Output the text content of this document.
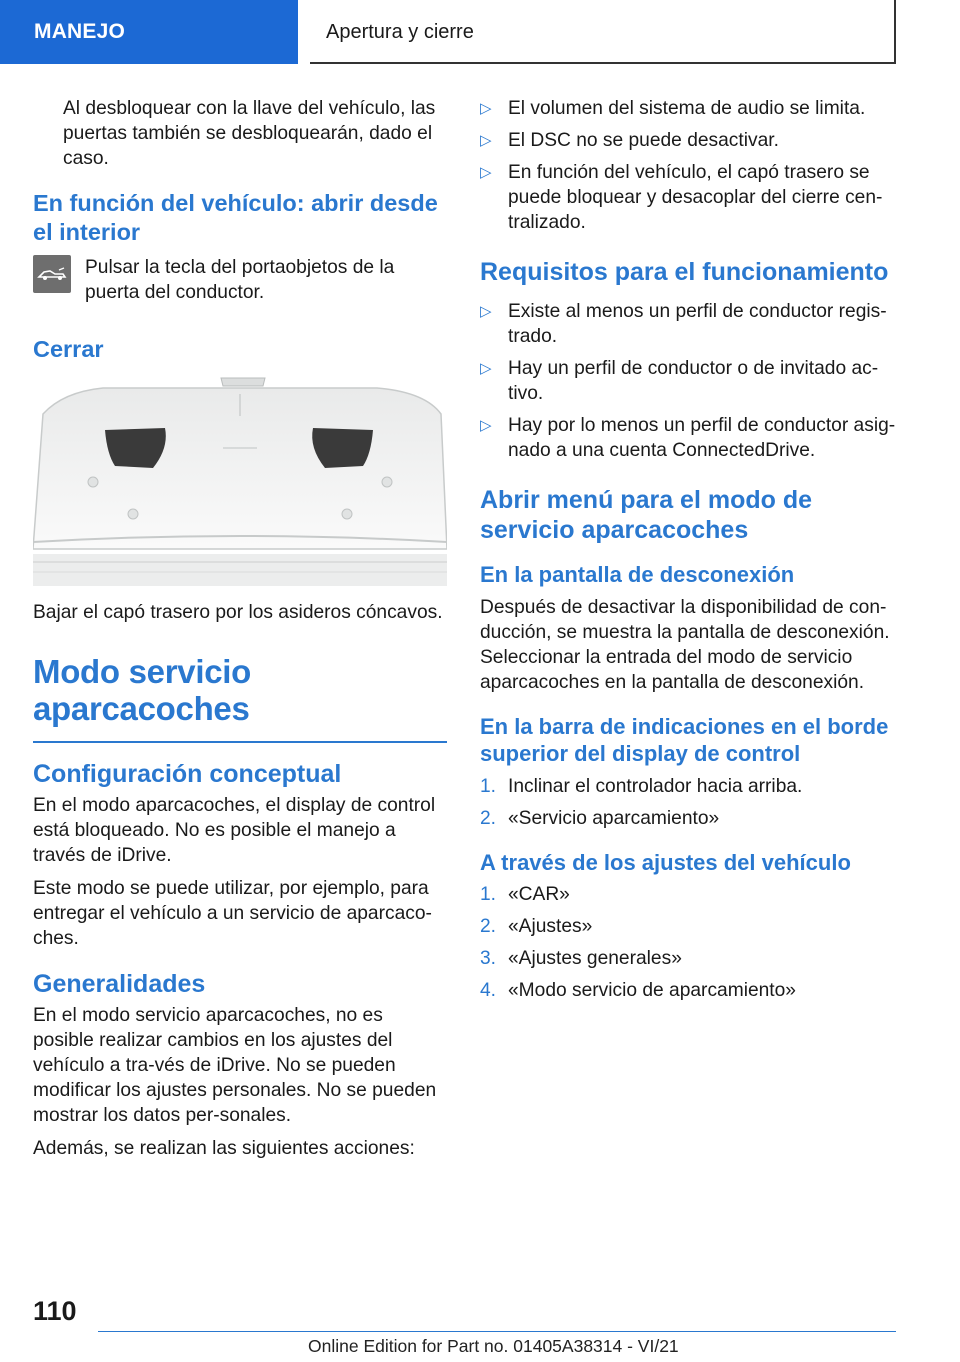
MANEJO	Apertura y cierre

Al desbloquear con la llave del vehículo, las puertas también se desbloquearán, dado el caso.

En función del vehículo: abrir desde el interior

Pulsar la tecla del portaobjetos de la puerta del conductor.

Cerrar

Bajar el capó trasero por los asideros cóncavos.

Modo servicio aparcacoches
Configuración conceptual

En el modo aparcacoches, el display de control está bloqueado. No es posible el manejo a través de iDrive.

Este modo se puede utilizar, por ejemplo, para entregar el vehículo a un servicio de aparcaco‐ches.

Generalidades

En el modo servicio aparcacoches, no es posible realizar cambios en los ajustes del vehículo a tra‐vés de iDrive. No se pueden modificar los ajustes personales. No se pueden mostrar los datos per‐sonales.

Además, se realizan las siguientes acciones:

▷ El volumen del sistema de audio se limita.

▷ El DSC no se puede desactivar.

▷ En función del vehículo, el capó trasero se puede bloquear y desacoplar del cierre cen‐tralizado.

Requisitos para el funcionamiento
▷ Existe al menos un perfil de conductor regis‐trado.

▷ Hay un perfil de conductor o de invitado ac‐tivo.

▷ Hay por lo menos un perfil de conductor asig‐nado a una cuenta ConnectedDrive.

Abrir menú para el modo de servicio aparcacoches
En la pantalla de desconexión

Después de desactivar la disponibilidad de con‐ducción, se muestra la pantalla de desconexión. Seleccionar la entrada del modo de servicio aparcacoches en la pantalla de desconexión.

En la barra de indicaciones en el borde superior del display de control
1. Inclinar el controlador hacia arriba.

2. «Servicio aparcamiento»

A través de los ajustes del vehículo
1. «CAR»

2. «Ajustes»

3. «Ajustes generales»

4. «Modo servicio de aparcamiento»

110
Online Edition for Part no. 01405A38314 - VI/21
